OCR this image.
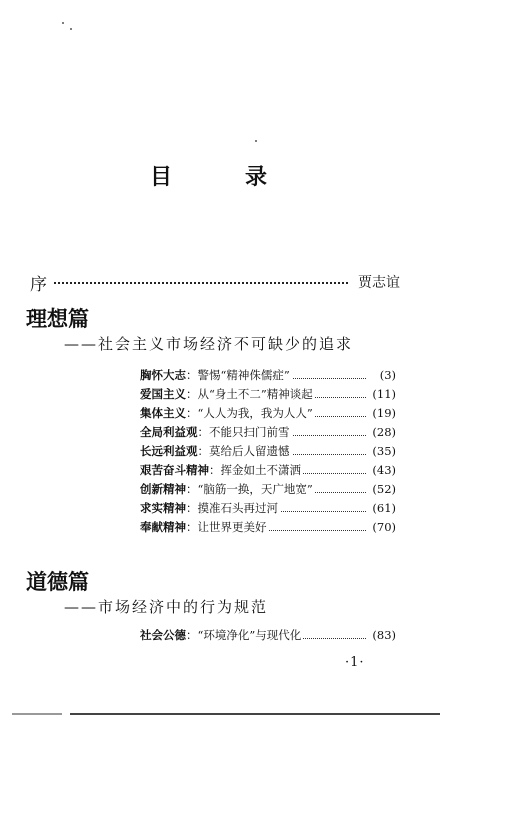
目	录
序	贾志谊
理想篇
——社会主义市场经济不可缺少的追求
胸怀大志：警惕“精神侏儒症”	(3)
爱国主义：从“身土不二”精神谈起	(11)
集体主义：“人人为我，我为人人”	(19)
全局利益观：不能只扫门前雪	(28)
长远利益观：莫给后人留遗憾	(35)
艰苦奋斗精神：挥金如土不潇洒	(43)
创新精神：“脑筋一换，天广地宽”	(52)
求实精神：摸准石头再过河	(61)
奉献精神：让世界更美好	(70)
道德篇
——市场经济中的行为规范
社会公德：“环境净化”与现代化	(83)
·1·
